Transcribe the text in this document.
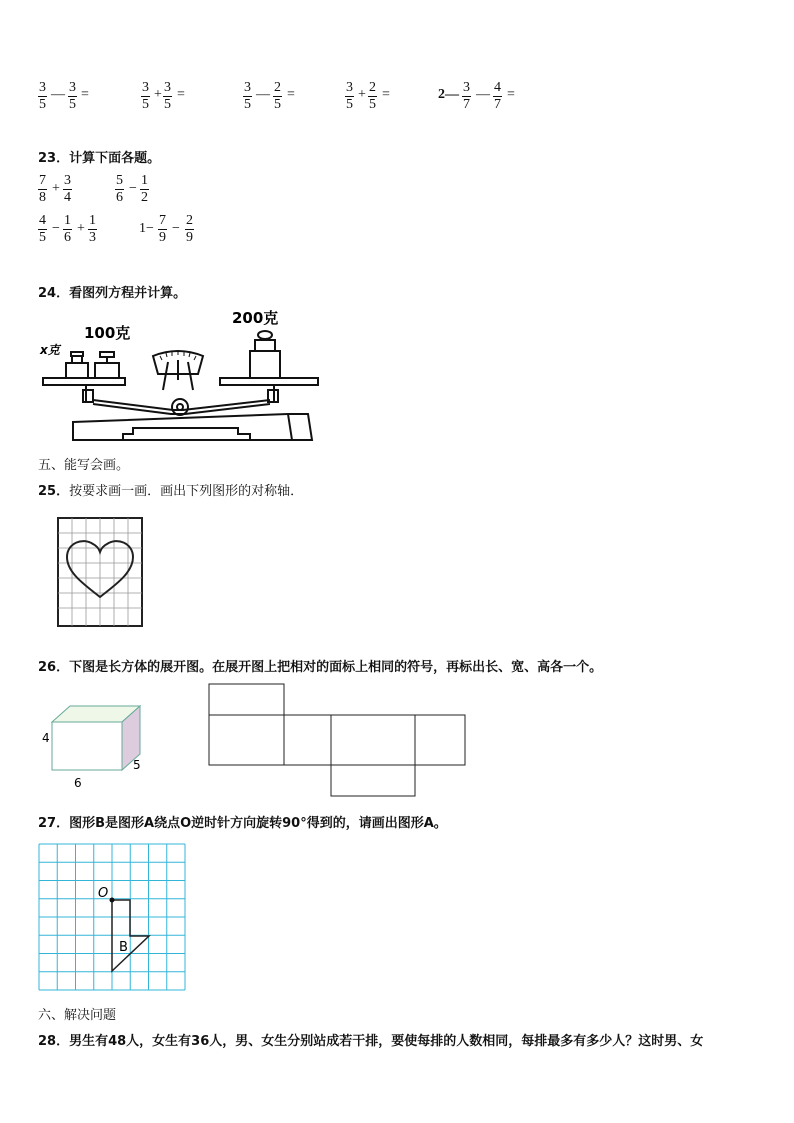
$\frac{3}{5}$ — $\frac{3}{5}$ =	$\frac{3}{5} + \frac{3}{5}$ =	$\frac{3}{5}$ — $\frac{2}{5}$ =	$\frac{3}{5} + \frac{2}{5}$ =	2— $\frac{3}{7}$ — $\frac{4}{7}$ =
23．计算下面各题。
$\frac{7}{8} + \frac{3}{4}$	$\frac{5}{6} - \frac{1}{2}$
$\frac{4}{5} - \frac{1}{6} + \frac{1}{3}$	$1- \frac{7}{9} - \frac{2}{9}$
24．看图列方程并计算。
x克
100克
200克
五、能写会画。
25．按要求画一画．画出下列图形的对称轴．
26．下图是长方体的展开图。在展开图上把相对的面标上相同的符号，再标出长、宽、高各一个。
4
6
5
27．图形B是图形A绕点O逆时针方向旋转90°得到的，请画出图形A。
O
B
六、解决问题
28．男生有48人，女生有36人，男、女生分别站成若干排，要使每排的人数相同，每排最多有多少人？这时男、女
